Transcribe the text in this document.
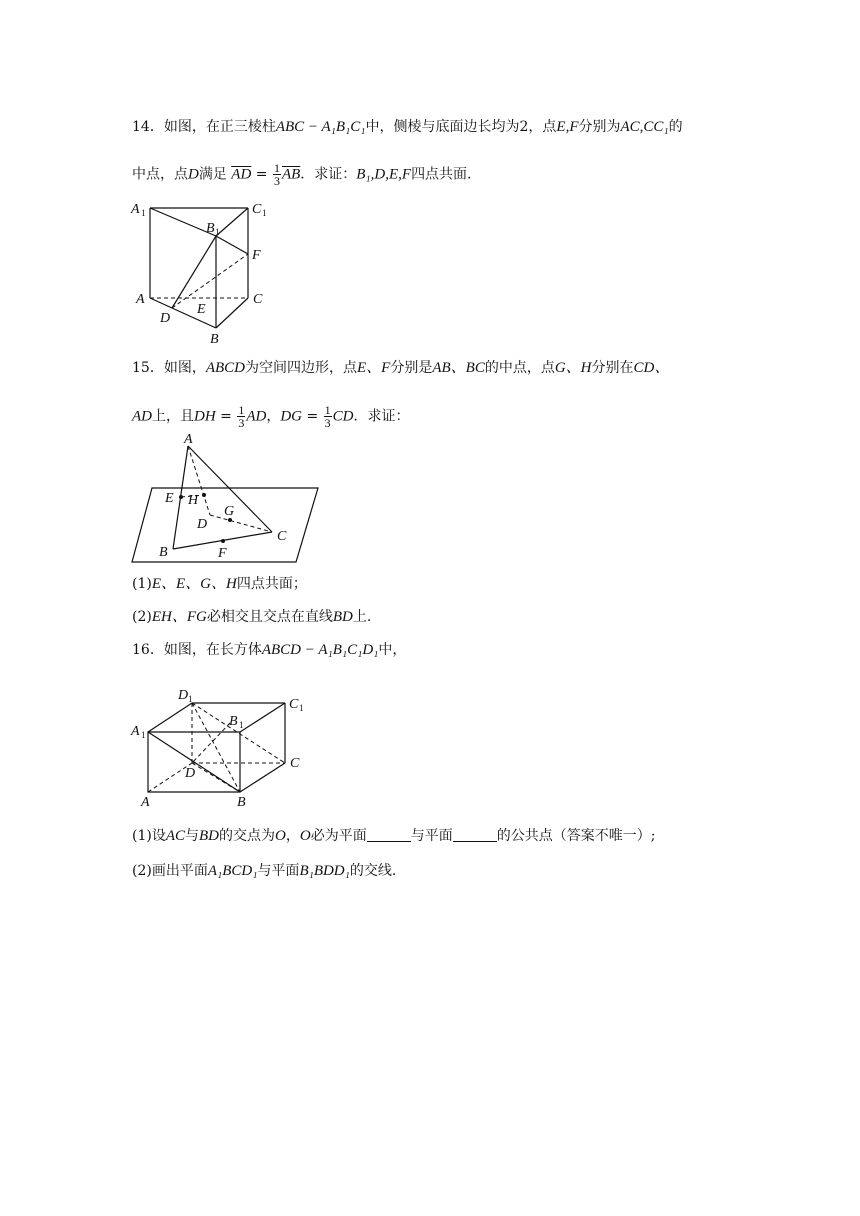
14．如图，在正三棱柱ABC − A₁B₁C₁中，侧棱与底面边长均为2，点E,F分别为AC,CC₁的
中点，点D满足 $\overline{AD} = \frac{1}{3} \overline{AB}$．求证：B₁,D,E,F四点共面.
A 1	C 1
B 1
F
A	C
D
E
B
15．如图，ABCD为空间四边形，点E、F分别是AB、BC的中点，点G、H分别在CD、
AD上，且DH = $\frac{1}{3}$ AD，DG = $\frac{1}{3}$ CD．求证：
A
E H
G
D
C
B	F
(1)E、E、G、H四点共面；
(2)EH、FG必相交且交点在直线BD上.
16．如图，在长方体ABCD − A₁B₁C₁D₁中，
D 1	C 1
B 1
A 1
D
C
A	B
(1)设AC与BD的交点为O，O必为平面	与平面	的公共点（答案不唯一）;
(2)画出平面A₁BCD₁与平面B₁BDD₁的交线.
